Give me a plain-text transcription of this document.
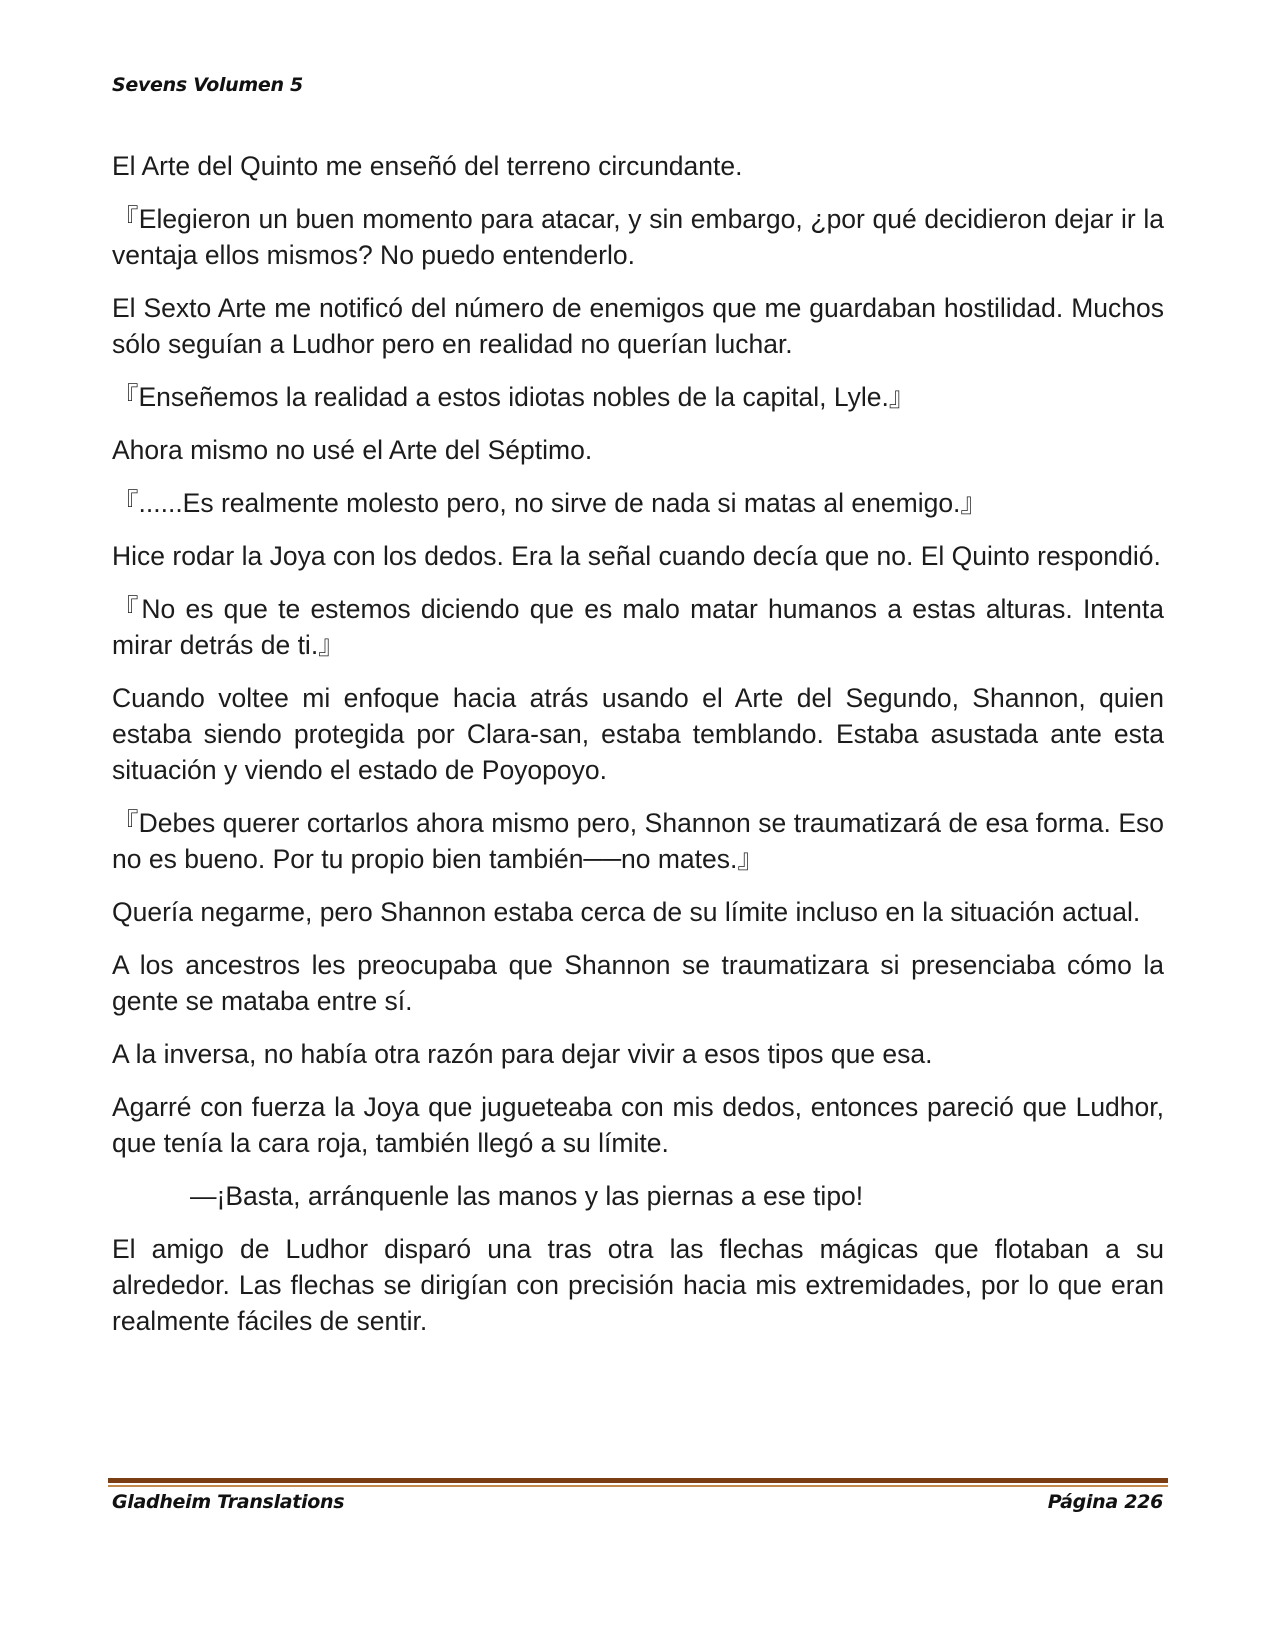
Sevens Volumen 5

El Arte del Quinto me enseñó del terreno circundante.

『Elegieron un buen momento para atacar, y sin embargo, ¿por qué decidieron dejar ir la ventaja ellos mismos? No puedo entenderlo.

El Sexto Arte me notificó del número de enemigos que me guardaban hostilidad. Muchos sólo seguían a Ludhor pero en realidad no querían luchar.

『Enseñemos la realidad a estos idiotas nobles de la capital, Lyle.』

Ahora mismo no usé el Arte del Séptimo.

『......Es realmente molesto pero, no sirve de nada si matas al enemigo.』

Hice rodar la Joya con los dedos. Era la señal cuando decía que no. El Quinto respondió.

『No es que te estemos diciendo que es malo matar humanos a estas alturas. Intenta mirar detrás de ti.』

Cuando voltee mi enfoque hacia atrás usando el Arte del Segundo, Shannon, quien estaba siendo protegida por Clara-san, estaba temblando. Estaba asustada ante esta situación y viendo el estado de Poyopoyo.

『Debes querer cortarlos ahora mismo pero, Shannon se traumatizará de esa forma. Eso no es bueno. Por tu propio bien también──no mates.』

Quería negarme, pero Shannon estaba cerca de su límite incluso en la situación actual.

A los ancestros les preocupaba que Shannon se traumatizara si presenciaba cómo la gente se mataba entre sí.

A la inversa, no había otra razón para dejar vivir a esos tipos que esa.

Agarré con fuerza la Joya que jugueteaba con mis dedos, entonces pareció que Ludhor, que tenía la cara roja, también llegó a su límite.

—¡Basta, arránquenle las manos y las piernas a ese tipo!

El amigo de Ludhor disparó una tras otra las flechas mágicas que flotaban a su alrededor. Las flechas se dirigían con precisión hacia mis extremidades, por lo que eran realmente fáciles de sentir.

Gladheim Translations	Página 226
